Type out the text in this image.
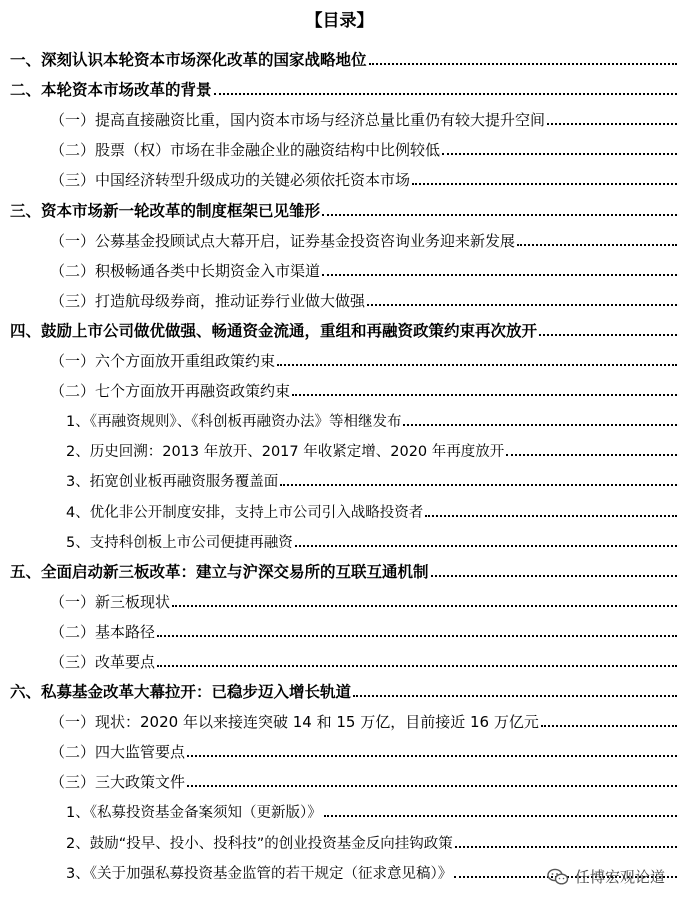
【目录】
一、深刻认识本轮资本市场深化改革的国家战略地位
二、本轮资本市场改革的背景
（一）提高直接融资比重，国内资本市场与经济总量比重仍有较大提升空间
（二）股票（权）市场在非金融企业的融资结构中比例较低
（三）中国经济转型升级成功的关键必须依托资本市场
三、资本市场新一轮改革的制度框架已见雏形
（一）公募基金投顾试点大幕开启，证券基金投资咨询业务迎来新发展
（二）积极畅通各类中长期资金入市渠道
（三）打造航母级券商，推动证券行业做大做强
四、鼓励上市公司做优做强、畅通资金流通，重组和再融资政策约束再次放开
（一）六个方面放开重组政策约束
（二）七个方面放开再融资政策约束
1、《再融资规则》、《科创板再融资办法》等相继发布
2、历史回溯：2013 年放开、2017 年收紧定增、2020 年再度放开
3、拓宽创业板再融资服务覆盖面
4、优化非公开制度安排，支持上市公司引入战略投资者
5、支持科创板上市公司便捷再融资
五、全面启动新三板改革：建立与沪深交易所的互联互通机制
（一）新三板现状
（二）基本路径
（三）改革要点
六、私募基金改革大幕拉开：已稳步迈入增长轨道
（一）现状：2020 年以来接连突破 14 和 15 万亿，目前接近 16 万亿元
（二）四大监管要点
（三）三大政策文件
1、《私募投资基金备案须知（更新版）》
2、鼓励“投早、投小、投科技”的创业投资基金反向挂钩政策
3、《关于加强私募投资基金监管的若干规定（征求意见稿）》	任博宏观论道
